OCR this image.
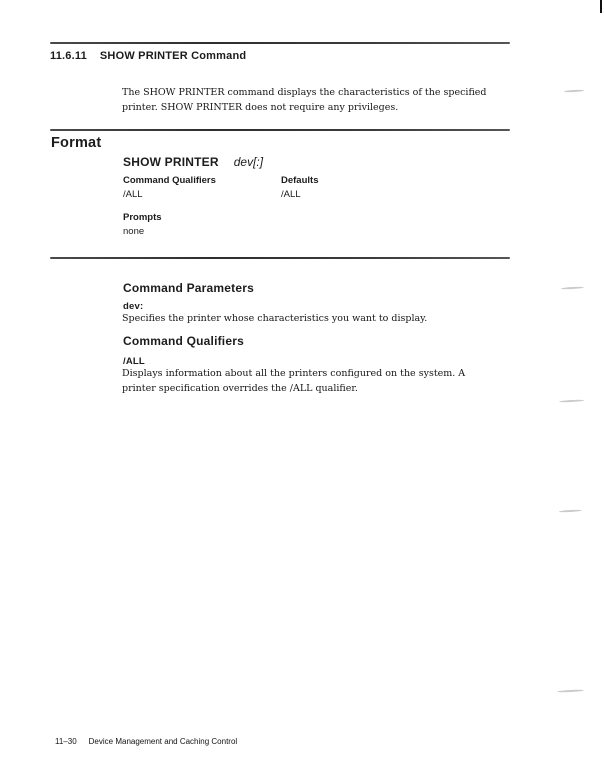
11.6.11 SHOW PRINTER Command
The SHOW PRINTER command displays the characteristics of the specified printer. SHOW PRINTER does not require any privileges.
Format
SHOW PRINTER dev[:]
Command Qualifiers	Defaults
/ALL	/ALL
Prompts
none
Command Parameters
dev:
Specifies the printer whose characteristics you want to display.
Command Qualifiers
/ALL
Displays information about all the printers configured on the system. A printer specification overrides the /ALL qualifier.
11–30 Device Management and Caching Control
